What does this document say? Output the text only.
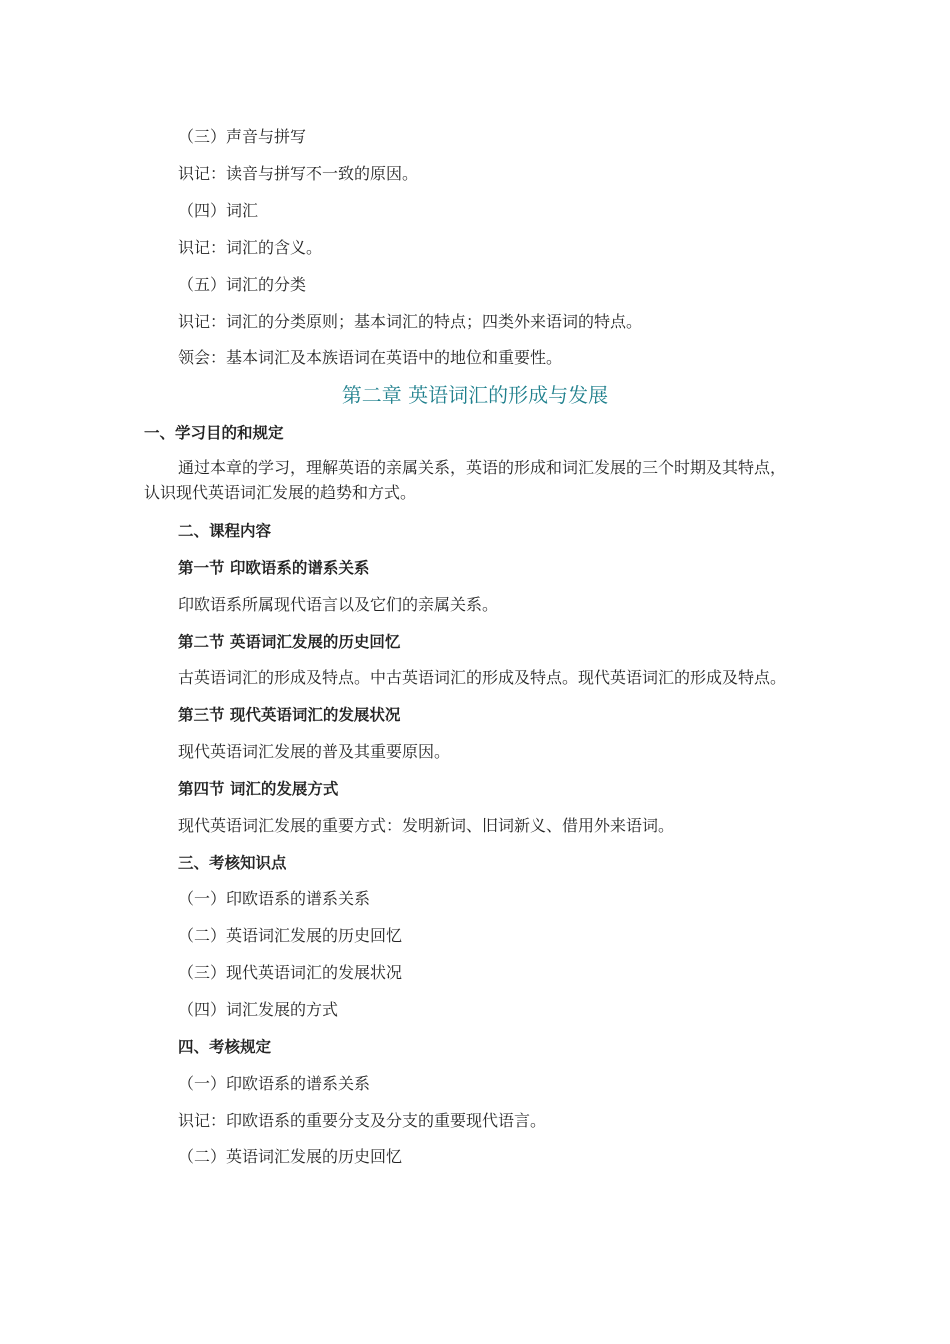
（三）声音与拼写
识记：读音与拼写不一致的原因。
（四）词汇
识记：词汇的含义。
（五）词汇的分类
识记：词汇的分类原则；基本词汇的特点；四类外来语词的特点。
领会：基本词汇及本族语词在英语中的地位和重要性。
第二章 英语词汇的形成与发展
一、学习目的和规定
通过本章的学习，理解英语的亲属关系，英语的形成和词汇发展的三个时期及其特点，
认识现代英语词汇发展的趋势和方式。
二、课程内容
第一节 印欧语系的谱系关系
印欧语系所属现代语言以及它们的亲属关系。
第二节 英语词汇发展的历史回忆
古英语词汇的形成及特点。中古英语词汇的形成及特点。现代英语词汇的形成及特点。
第三节 现代英语词汇的发展状况
现代英语词汇发展的普及其重要原因。
第四节 词汇的发展方式
现代英语词汇发展的重要方式：发明新词、旧词新义、借用外来语词。
三、考核知识点
（一）印欧语系的谱系关系
（二）英语词汇发展的历史回忆
（三）现代英语词汇的发展状况
（四）词汇发展的方式
四、考核规定
（一）印欧语系的谱系关系
识记：印欧语系的重要分支及分支的重要现代语言。
（二）英语词汇发展的历史回忆
